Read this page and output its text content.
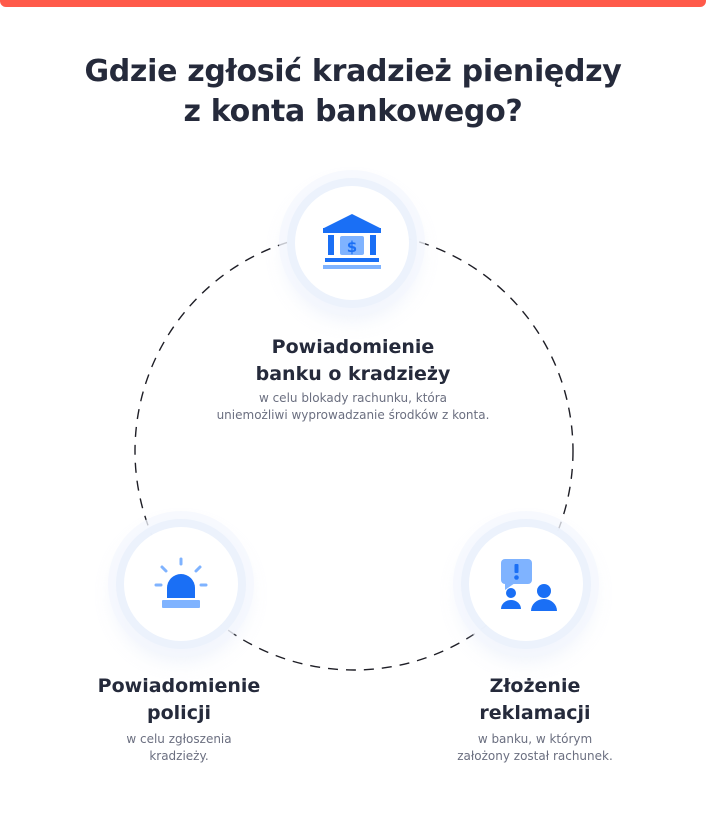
Gdzie zgłosić kradzież pieniędzy
z konta bankowego?
$
Powiadomienie
banku o kradzieży
w celu blokady rachunku, która
uniemożliwi wyprowadzanie środków z konta.
Powiadomienie
policji
w celu zgłoszenia
kradzieży.
Złożenie
reklamacji
w banku, w którym
założony został rachunek.
